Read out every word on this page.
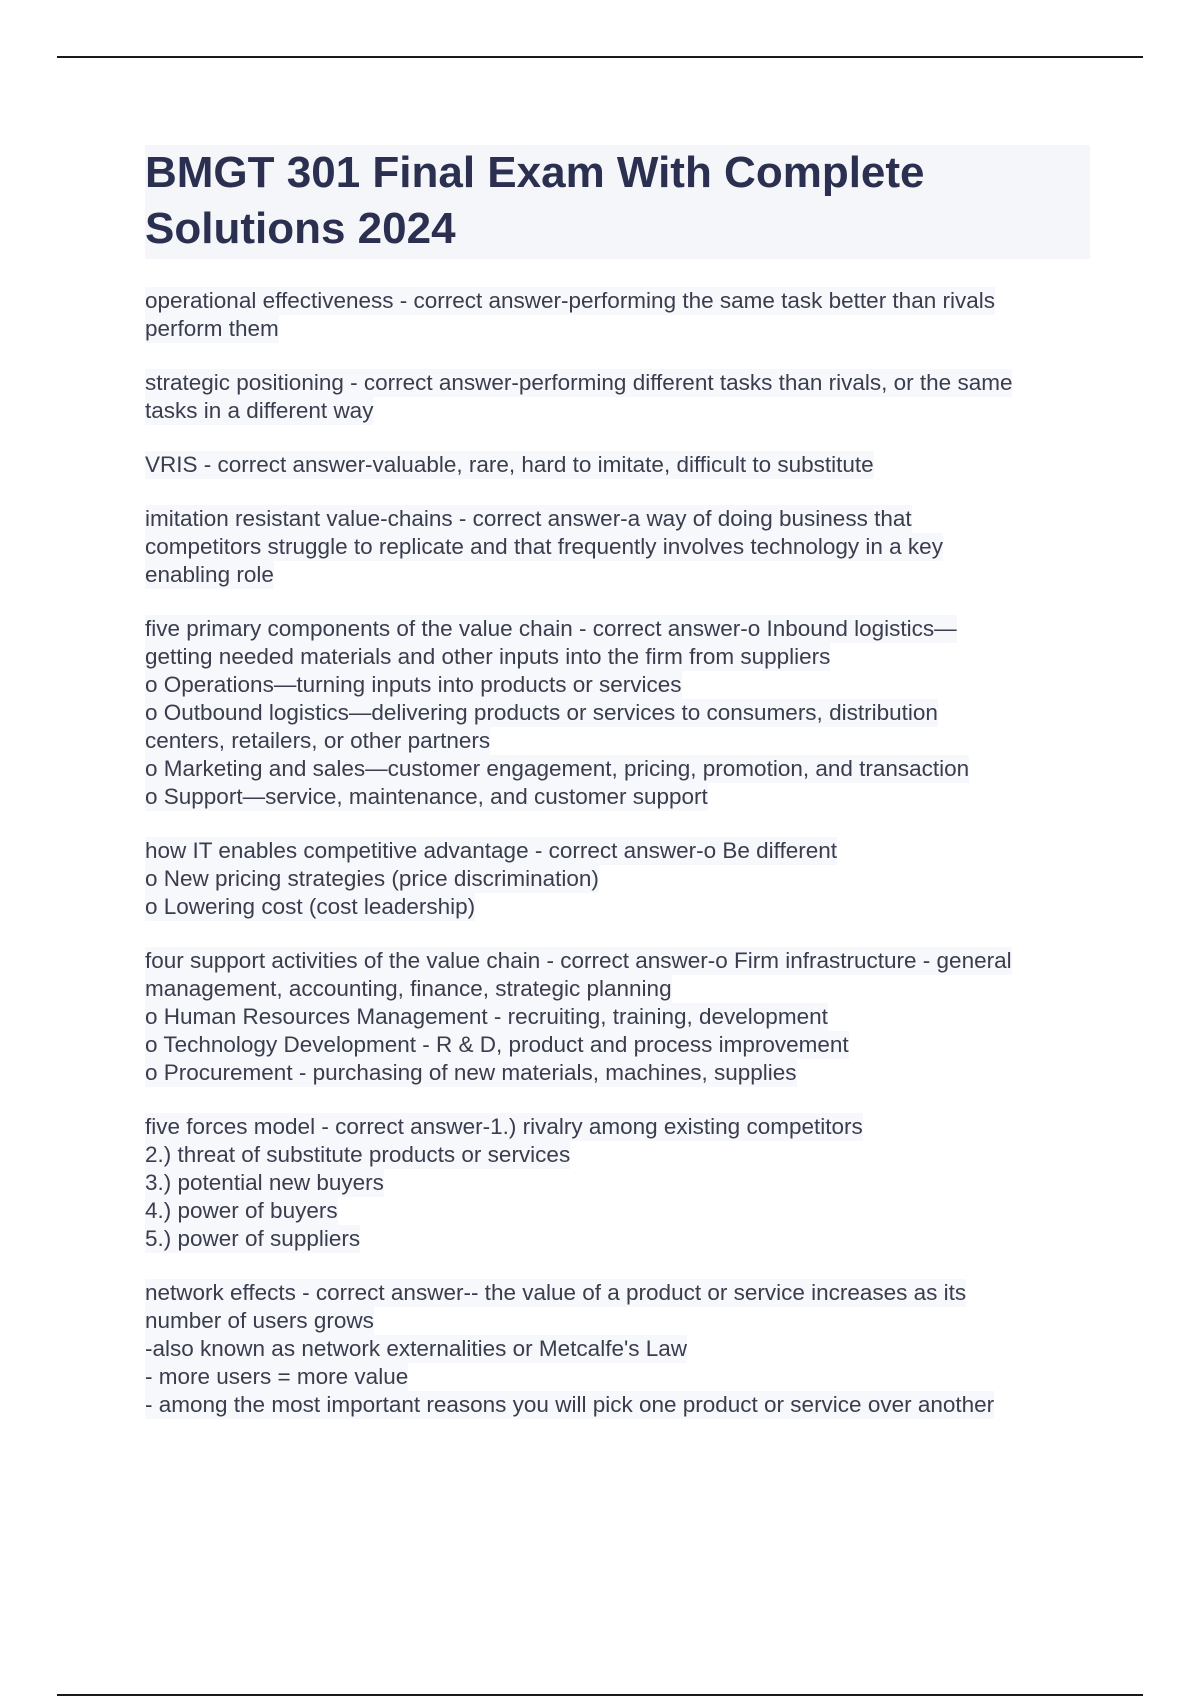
BMGT 301 Final Exam With Complete
Solutions 2024
operational effectiveness - correct answer-performing the same task better than rivals
perform them
strategic positioning - correct answer-performing different tasks than rivals, or the same
tasks in a different way
VRIS - correct answer-valuable, rare, hard to imitate, difficult to substitute
imitation resistant value-chains - correct answer-a way of doing business that
competitors struggle to replicate and that frequently involves technology in a key
enabling role
five primary components of the value chain - correct answer-o Inbound logistics—
getting needed materials and other inputs into the firm from suppliers
o Operations—turning inputs into products or services
o Outbound logistics—delivering products or services to consumers, distribution
centers, retailers, or other partners
o Marketing and sales—customer engagement, pricing, promotion, and transaction
o Support—service, maintenance, and customer support
how IT enables competitive advantage - correct answer-o Be different
o New pricing strategies (price discrimination)
o Lowering cost (cost leadership)
four support activities of the value chain - correct answer-o Firm infrastructure - general
management, accounting, finance, strategic planning
o Human Resources Management - recruiting, training, development
o Technology Development - R & D, product and process improvement
o Procurement - purchasing of new materials, machines, supplies
five forces model - correct answer-1.) rivalry among existing competitors
2.) threat of substitute products or services
3.) potential new buyers
4.) power of buyers
5.) power of suppliers
network effects - correct answer-- the value of a product or service increases as its
number of users grows
-also known as network externalities or Metcalfe's Law
- more users = more value
- among the most important reasons you will pick one product or service over another
